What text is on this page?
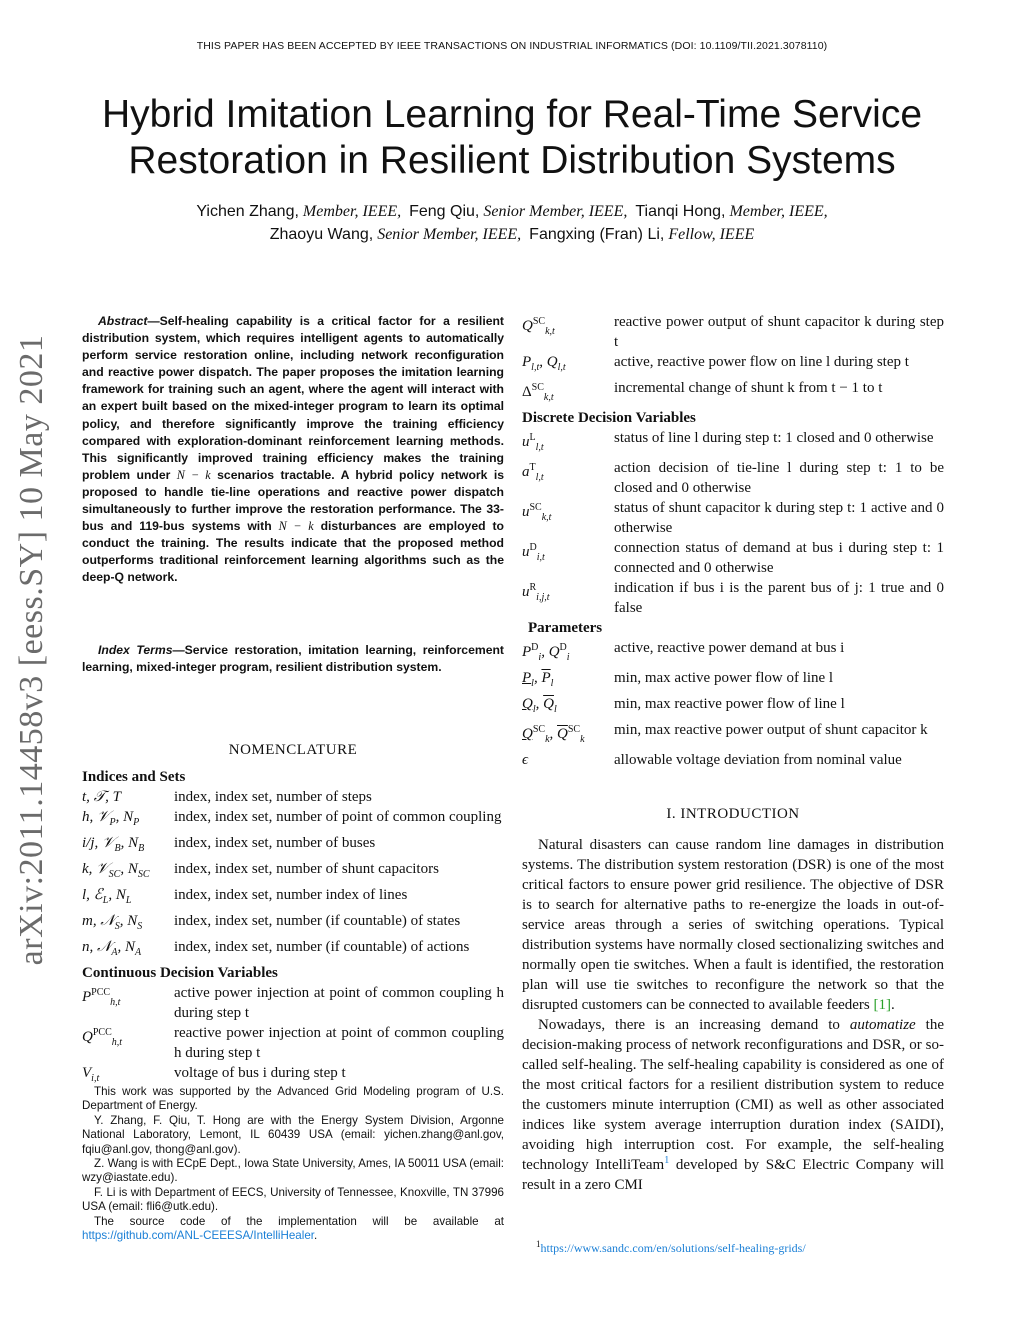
THIS PAPER HAS BEEN ACCEPTED BY IEEE TRANSACTIONS ON INDUSTRIAL INFORMATICS (DOI: 10.1109/TII.2021.3078110)
Hybrid Imitation Learning for Real-Time Service
Restoration in Resilient Distribution Systems
Yichen Zhang, Member, IEEE, Feng Qiu, Senior Member, IEEE, Tianqi Hong, Member, IEEE,
Zhaoyu Wang, Senior Member, IEEE, Fangxing (Fran) Li, Fellow, IEEE
arXiv:2011.14458v3 [eess.SY] 10 May 2021

Abstract—Self-healing capability is a critical factor for a resilient distribution system, which requires intelligent agents to automatically perform service restoration online, including network reconfiguration and reactive power dispatch. The paper proposes the imitation learning framework for training such an agent, where the agent will interact with an expert built based on the mixed-integer program to learn its optimal policy, and therefore significantly improve the training efficiency compared with exploration-dominant reinforcement learning methods. This significantly improved training efficiency makes the training problem under N − k scenarios tractable. A hybrid policy network is proposed to handle tie-line operations and reactive power dispatch simultaneously to further improve the restoration performance. The 33-bus and 119-bus systems with N − k disturbances are employed to conduct the training. The results indicate that the proposed method outperforms traditional reinforcement learning algorithms such as the deep-Q network.

Index Terms—Service restoration, imitation learning, reinforcement learning, mixed-integer program, resilient distribution system.

NOMENCLATURE
Indices and Sets	
t, 𝒯, T	index, index set, number of steps
h, 𝒱$_P$, $N_P$	index, index set, number of point of common coupling
i/j, 𝒱$_B$, $N_B$	index, index set, number of buses
k, 𝒱$_{SC}$, $N_{SC}$	index, index set, number of shunt capacitors
l, ℰ$_L$, $N_L$	index, index set, number index of lines
m, 𝒩$_S$, $N_S$	index, index set, number (if countable) of states
n, 𝒩$_A$, $N_A$	index, index set, number (if countable) of actions
Continuous Decision Variables	
$P^{PCC}_{h,t}$	active power injection at point of common coupling h during step t
$Q^{PCC}_{h,t}$	reactive power injection at point of common coupling h during step t
$V_{i,t}$	voltage of bus i during step t

This work was supported by the Advanced Grid Modeling program of U.S. Department of Energy.

Y. Zhang, F. Qiu, T. Hong are with the Energy System Division, Argonne National Laboratory, Lemont, IL 60439 USA (email: yichen.zhang@anl.gov, fqiu@anl.gov, thong@anl.gov).

Z. Wang is with ECpE Dept., Iowa State University, Ames, IA 50011 USA (email: wzy@iastate.edu).

F. Li is with Department of EECS, University of Tennessee, Knoxville, TN 37996 USA (email: fli6@utk.edu).

The source code of the implementation will be available at https://github.com/ANL-CEEESA/IntelliHealer.

$Q^{SC}_{k,t}$	reactive power output of shunt capacitor k during step t
$P_{l,t}$, $Q_{l,t}$	active, reactive power flow on line l during step t
$\Delta^{SC}_{k,t}$	incremental change of shunt k from t − 1 to t
Discrete Decision Variables	
$u^L_{l,t}$	status of line l during step t: 1 closed and 0 otherwise
$a^T_{l,t}$	action decision of tie-line l during step t: 1 to be closed and 0 otherwise
$u^{SC}_{k,t}$	status of shunt capacitor k during step t: 1 active and 0 otherwise
$u^D_{i,t}$	connection status of demand at bus i during step t: 1 connected and 0 otherwise
$u^R_{i,j,t}$	indication if bus i is the parent bus of j: 1 true and 0 false
Parameters	
$P^D_i$, $Q^D_i$	active, reactive power demand at bus i
$P_l$, $\overline{P}_l$	min, max active power flow of line l
$Q_l$, $\overline{Q}_l$	min, max reactive power flow of line l
$Q^{SC}_k$, $\overline{Q}^{SC}_k$	min, max reactive power output of shunt capacitor k
ϵ	allowable voltage deviation from nominal value
I. INTRODUCTION

Natural disasters can cause random line damages in distribution systems. The distribution system restoration (DSR) is one of the most critical factors to ensure power grid resilience. The objective of DSR is to search for alternative paths to re-energize the loads in out-of-service areas through a series of switching operations. Typical distribution systems have normally closed sectionalizing switches and normally open tie switches. When a fault is identified, the restoration plan will use tie switches to reconfigure the network so that the disrupted customers can be connected to available feeders [1].

Nowadays, there is an increasing demand to automatize the decision-making process of network reconfigurations and DSR, or so-called self-healing. The self-healing capability is considered as one of the most critical factors for a resilient distribution system to reduce the customers minute interruption (CMI) as well as other associated indices like system average interruption duration index (SAIDI), avoiding high interruption cost. For example, the self-healing technology IntelliTeam$^1$ developed by S&C Electric Company will result in a zero CMI

$^1$https://www.sandc.com/en/solutions/self-healing-grids/
